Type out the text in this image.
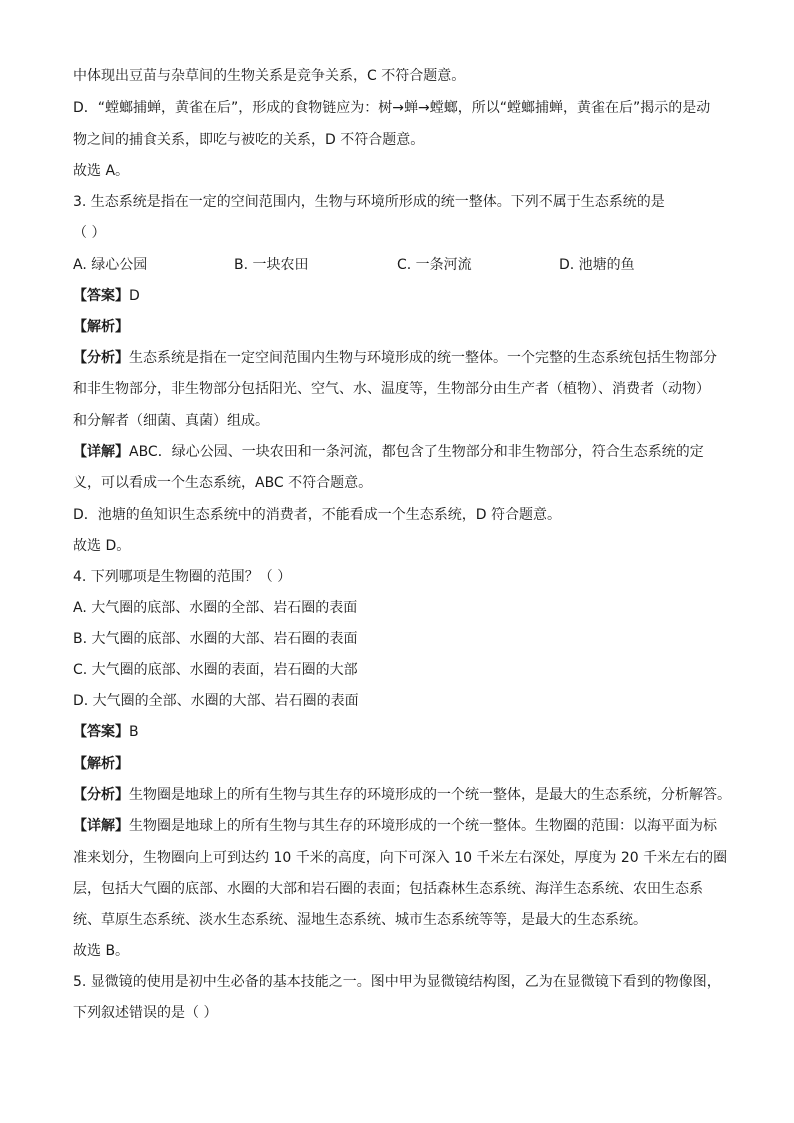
中体现出豆苗与杂草间的生物关系是竞争关系，C 不符合题意。
D．“螳螂捕蝉，黄雀在后”，形成的食物链应为：树→蝉→螳螂，所以“螳螂捕蝉，黄雀在后”揭示的是动
物之间的捕食关系，即吃与被吃的关系，D 不符合题意。
故选 A。
3. 生态系统是指在一定的空间范围内，生物与环境所形成的统一整体。下列不属于生态系统的是
（ ）
A. 绿心公园	B. 一块农田	C. 一条河流	D. 池塘的鱼
【答案】D
【解析】
【分析】生态系统是指在一定空间范围内生物与环境形成的统一整体。一个完整的生态系统包括生物部分
和非生物部分，非生物部分包括阳光、空气、水、温度等，生物部分由生产者（植物）、消费者（动物）
和分解者（细菌、真菌）组成。
【详解】ABC．绿心公园、一块农田和一条河流，都包含了生物部分和非生物部分，符合生态系统的定
义，可以看成一个生态系统，ABC 不符合题意。
D．池塘的鱼知识生态系统中的消费者，不能看成一个生态系统，D 符合题意。
故选 D。
4. 下列哪项是生物圈的范围？（ ）
A. 大气圈的底部、水圈的全部、岩石圈的表面
B. 大气圈的底部、水圈的大部、岩石圈的表面
C. 大气圈的底部、水圈的表面，岩石圈的大部
D. 大气圈的全部、水圈的大部、岩石圈的表面
【答案】B
【解析】
【分析】生物圈是地球上的所有生物与其生存的环境形成的一个统一整体，是最大的生态系统，分析解答。
【详解】生物圈是地球上的所有生物与其生存的环境形成的一个统一整体。生物圈的范围：以海平面为标
准来划分，生物圈向上可到达约 10 千米的高度，向下可深入 10 千米左右深处，厚度为 20 千米左右的圈
层，包括大气圈的底部、水圈的大部和岩石圈的表面；包括森林生态系统、海洋生态系统、农田生态系
统、草原生态系统、淡水生态系统、湿地生态系统、城市生态系统等等，是最大的生态系统。
故选 B。
5. 显微镜的使用是初中生必备的基本技能之一。图中甲为显微镜结构图，乙为在显微镜下看到的物像图，
下列叙述错误的是（ ）
